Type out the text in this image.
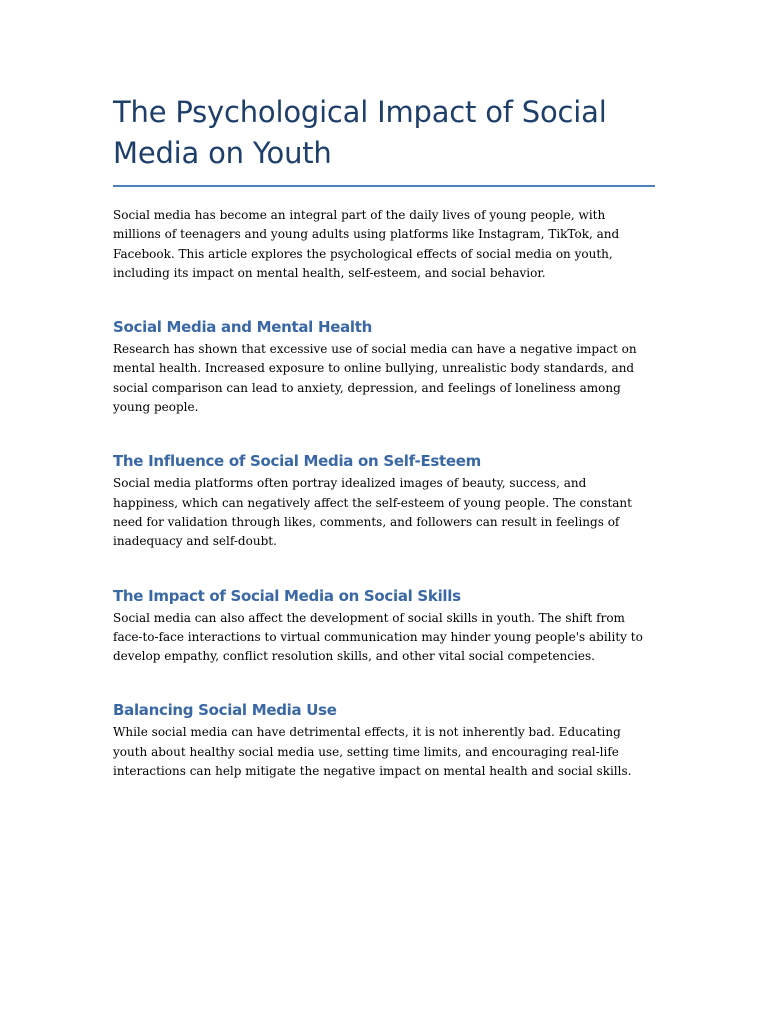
The Psychological Impact of Social Media on Youth

Social media has become an integral part of the daily lives of young people, with millions of teenagers and young adults using platforms like Instagram, TikTok, and Facebook. This article explores the psychological effects of social media on youth, including its impact on mental health, self-esteem, and social behavior.

Social Media and Mental Health

Research has shown that excessive use of social media can have a negative impact on mental health. Increased exposure to online bullying, unrealistic body standards, and social comparison can lead to anxiety, depression, and feelings of loneliness among young people.

The Influence of Social Media on Self-Esteem

Social media platforms often portray idealized images of beauty, success, and happiness, which can negatively affect the self-esteem of young people. The constant need for validation through likes, comments, and followers can result in feelings of inadequacy and self-doubt.

The Impact of Social Media on Social Skills

Social media can also affect the development of social skills in youth. The shift from face-to-face interactions to virtual communication may hinder young people's ability to develop empathy, conflict resolution skills, and other vital social competencies.

Balancing Social Media Use

While social media can have detrimental effects, it is not inherently bad. Educating youth about healthy social media use, setting time limits, and encouraging real-life interactions can help mitigate the negative impact on mental health and social skills.
